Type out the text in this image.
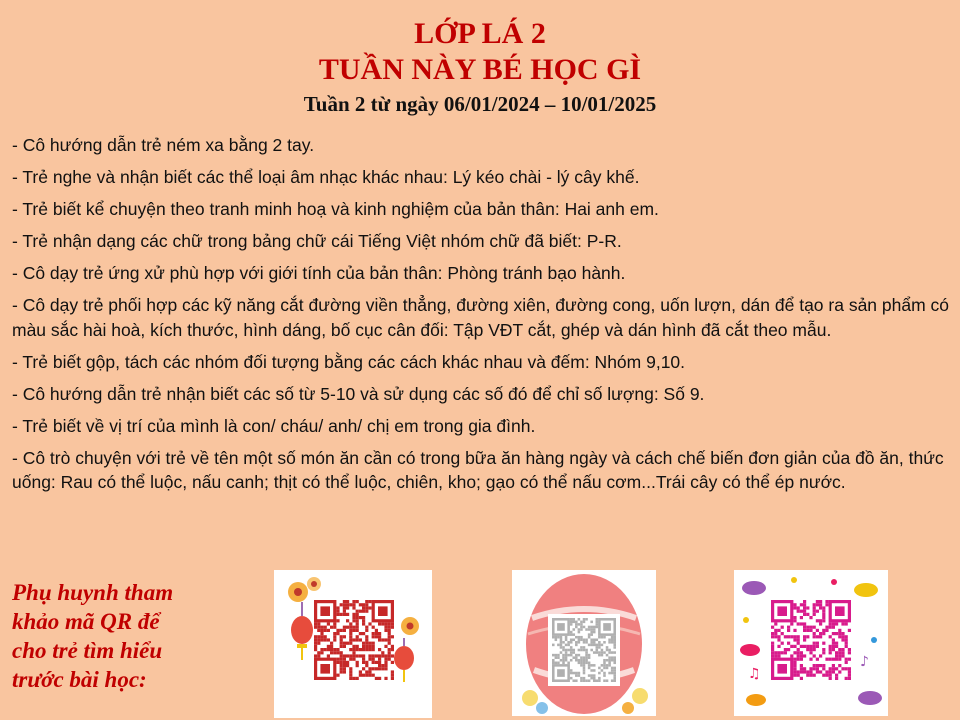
LỚP LÁ 2
TUẦN NÀY BÉ HỌC GÌ
Tuần 2 từ ngày 06/01/2024 – 10/01/2025
- Cô hướng dẫn trẻ ném xa bằng 2 tay.
- Trẻ nghe và nhận biết các thể loại âm nhạc khác nhau: Lý kéo chài - lý cây khế.
- Trẻ biết kể chuyện theo tranh minh hoạ và kinh nghiệm của bản thân: Hai anh em.
- Trẻ nhận dạng các chữ trong bảng chữ cái Tiếng Việt nhóm chữ đã biết: P-R.
- Cô dạy trẻ ứng xử phù hợp với giới tính của bản thân: Phòng tránh bạo hành.
- Cô dạy trẻ phối hợp các kỹ năng cắt đường viền thẳng, đường xiên, đường cong, uốn lượn, dán để tạo ra sản phẩm có màu sắc hài hoà, kích thước, hình dáng, bố cục cân đối: Tập VĐT cắt, ghép và dán hình đã cắt theo mẫu.
- Trẻ biết gộp, tách các nhóm đối tượng bằng các cách khác nhau và đếm: Nhóm 9,10.
- Cô hướng dẫn trẻ nhận biết các số từ 5-10 và sử dụng các số đó để chỉ số lượng: Số 9.
- Trẻ biết về vị trí của mình là con/ cháu/ anh/ chị em trong gia đình.
- Cô trò chuyện với trẻ về tên một số món ăn cần có trong bữa ăn hàng ngày và cách chế biến đơn giản của đồ ăn, thức uống: Rau có thể luộc, nấu canh; thịt có thể luộc, chiên, kho; gạo có thể nấu cơm...Trái cây có thể ép nước.
Phụ huynh tham
khảo mã QR để
cho trẻ tìm hiểu
trước bài học:
♪
♫
